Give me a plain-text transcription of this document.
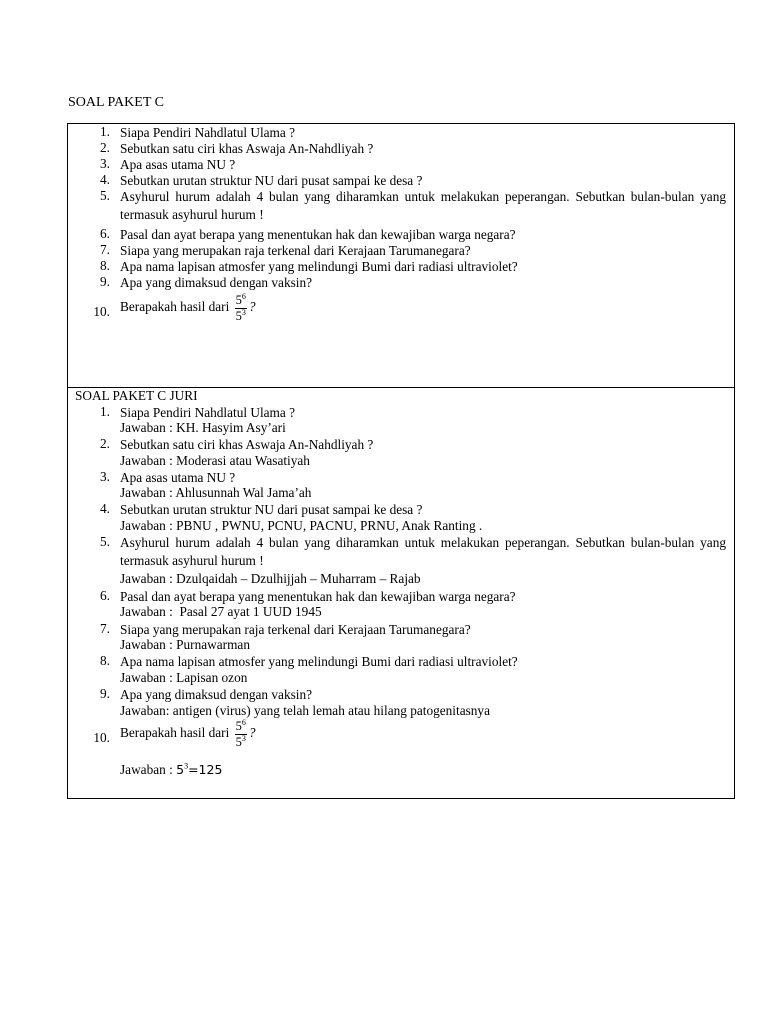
SOAL PAKET C
1. Siapa Pendiri Nahdlatul Ulama ?
2. Sebutkan satu ciri khas Aswaja An-Nahdliyah ?
3. Apa asas utama NU ?
4. Sebutkan urutan struktur NU dari pusat sampai ke desa ?
5. Asyhurul hurum adalah 4 bulan yang diharamkan untuk melakukan peperangan. Sebutkan bulan-bulan yang termasuk asyhurul hurum !
6. Pasal dan ayat berapa yang menentukan hak dan kewajiban warga negara?
7. Siapa yang merupakan raja terkenal dari Kerajaan Tarumanegara?
8. Apa nama lapisan atmosfer yang melindungi Bumi dari radiasi ultraviolet?
9. Apa yang dimaksud dengan vaksin?
10. Berapakah hasil dari $\frac{5^6}{5^3}$ ?
SOAL PAKET C JURI
1. Siapa Pendiri Nahdlatul Ulama ?
Jawaban : KH. Hasyim Asy’ari
2. Sebutkan satu ciri khas Aswaja An-Nahdliyah ?
Jawaban : Moderasi atau Wasatiyah
3. Apa asas utama NU ?
Jawaban : Ahlusunnah Wal Jama’ah
4. Sebutkan urutan struktur NU dari pusat sampai ke desa ?
Jawaban : PBNU , PWNU, PCNU, PACNU, PRNU, Anak Ranting .
5. Asyhurul hurum adalah 4 bulan yang diharamkan untuk melakukan peperangan. Sebutkan bulan-bulan yang termasuk asyhurul hurum !
Jawaban : Dzulqaidah – Dzulhijjah – Muharram – Rajab
6. Pasal dan ayat berapa yang menentukan hak dan kewajiban warga negara?
Jawaban :  Pasal 27 ayat 1 UUD 1945
7. Siapa yang merupakan raja terkenal dari Kerajaan Tarumanegara?
Jawaban : Purnawarman
8. Apa nama lapisan atmosfer yang melindungi Bumi dari radiasi ultraviolet?
Jawaban : Lapisan ozon
9. Apa yang dimaksud dengan vaksin?
Jawaban: antigen (virus) yang telah lemah atau hilang patogenitasnya
10. Berapakah hasil dari $\frac{5^6}{5^3}$ ?
Jawaban : $5^3=125$
